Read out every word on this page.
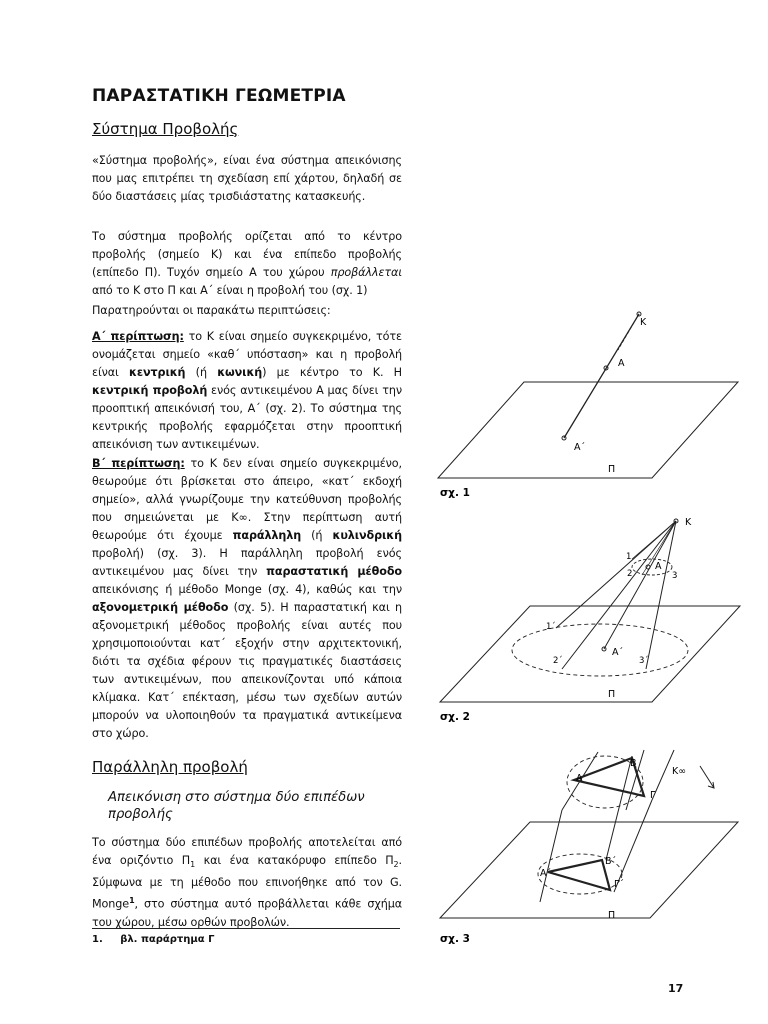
ΠΑΡΑΣΤΑΤΙΚΗ ΓΕΩΜΕΤΡΙΑ
Σύστημα Προβολής
«Σύστημα προβολής», είναι ένα σύστημα απεικόνισης που μας επιτρέπει τη σχεδίαση επί χάρτου, δηλαδή σε δύο διαστάσεις μίας τρισδιάστατης κατασκευής.
Το σύστημα προβολής ορίζεται από το κέντρο προβολής (σημείο Κ) και ένα επίπεδο προβολής (επίπεδο Π). Τυχόν σημείο Α του χώρου προβάλλεται από το Κ στο Π και Α΄ είναι η προβολή του (σχ. 1)
Παρατηρούνται οι παρακάτω περιπτώσεις:
Α΄ περίπτωση: το Κ είναι σημείο συγκεκριμένο, τότε ονομάζεται σημείο «καθ΄ υπόσταση» και η προβολή είναι κεντρική (ή κωνική) με κέντρο το Κ. Η κεντρική προβολή ενός αντικειμένου Α μας δίνει την προοπτική απεικόνισή του, Α΄ (σχ. 2). Το σύστημα της κεντρικής προβολής εφαρμόζεται στην προοπτική απεικόνιση των αντικειμένων.
Β΄ περίπτωση: το Κ δεν είναι σημείο συγκεκριμένο, θεωρούμε ότι βρίσκεται στο άπειρο, «κατ΄ εκδοχή σημείο», αλλά γνωρίζουμε την κατεύθυνση προβολής που σημειώνεται με Κ∞. Στην περίπτωση αυτή θεωρούμε ότι έχουμε παράλληλη (ή κυλινδρική προβολή) (σχ. 3). Η παράλληλη προβολή ενός αντικειμένου μας δίνει την παραστατική μέθοδο απεικόνισης ή μέθοδο Monge (σχ. 4), καθώς και την αξονομετρική μέθοδο (σχ. 5). Η παραστατική και η αξονομετρική μέθοδος προβολής είναι αυτές που χρησιμοποιούνται κατ΄ εξοχήν στην αρχιτεκτονική, διότι τα σχέδια φέρουν τις πραγματικές διαστάσεις των αντικειμένων, που απεικονίζονται υπό κάποια κλίμακα. Κατ΄ επέκταση, μέσω των σχεδίων αυτών μπορούν να υλοποιηθούν τα πραγματικά αντικείμενα στο χώρο.
Παράλληλη προβολή
Απεικόνιση στο σύστημα δύο επιπέδων προβολής
Το σύστημα δύο επιπέδων προβολής αποτελείται από ένα οριζόντιο $\Pi_1$ και ένα κατακόρυφο επίπεδο $\Pi_2$. Σύμφωνα με τη μέθοδο που επινοήθηκε από τον G. Monge$^1$, στο σύστημα αυτό προβάλλεται κάθε σχήμα του χώρου, μέσω ορθών προβολών.
1. βλ. παράρτημα Γ
17
Κ
Α
Α΄
Π
σχ. 1
Κ
Α
Α΄
1
2	3
1΄
2΄	3΄
Π
σχ. 2
Κ∞
Α
Β
Γ
Α΄
Β΄
Γ΄
Π
σχ. 3
